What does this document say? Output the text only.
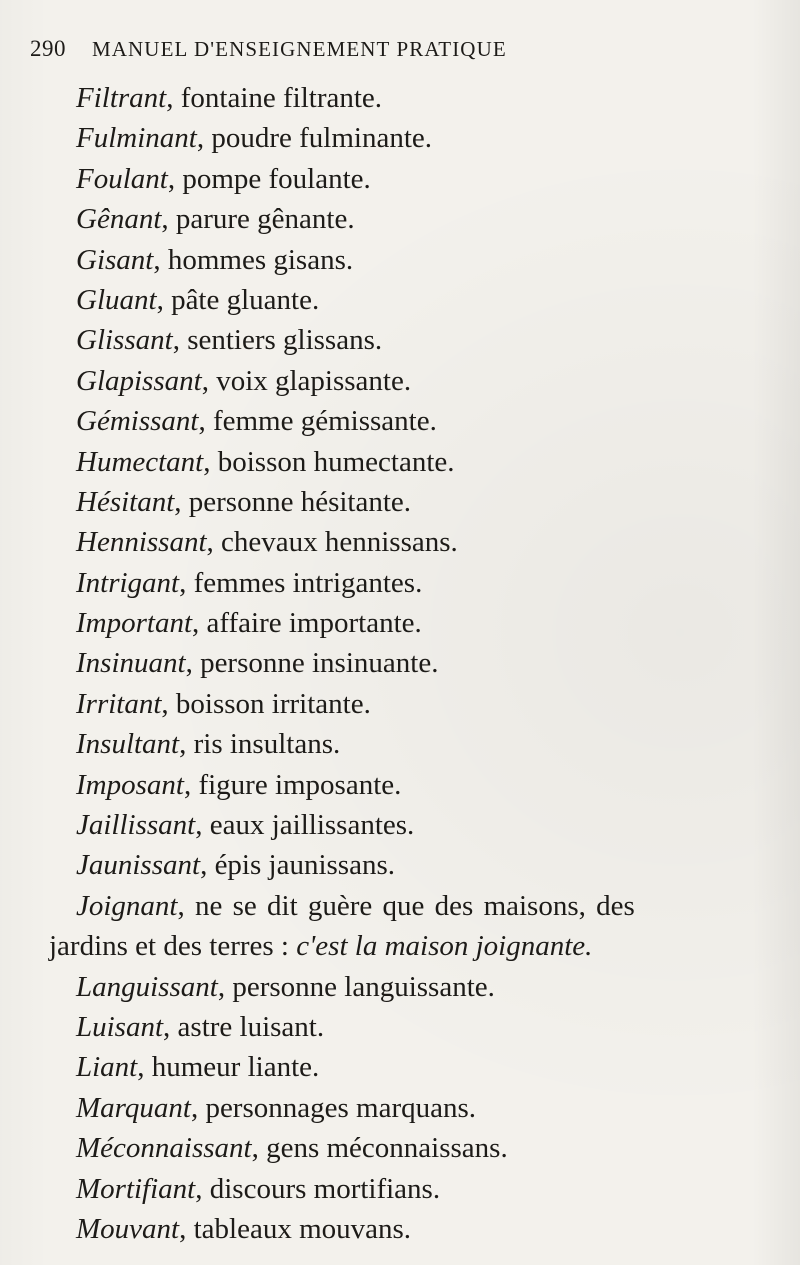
290 MANUEL D'ENSEIGNEMENT PRATIQUE
Filtrant, fontaine filtrante.
Fulminant, poudre fulminante.
Foulant, pompe foulante.
Gênant, parure gênante.
Gisant, hommes gisans.
Gluant, pâte gluante.
Glissant, sentiers glissans.
Glapissant, voix glapissante.
Gémissant, femme gémissante.
Humectant, boisson humectante.
Hésitant, personne hésitante.
Hennissant, chevaux hennissans.
Intrigant, femmes intrigantes.
Important, affaire importante.
Insinuant, personne insinuante.
Irritant, boisson irritante.
Insultant, ris insultans.
Imposant, figure imposante.
Jaillissant, eaux jaillissantes.
Jaunissant, épis jaunissans.
Joignant, ne se dit guère que des maisons, des
jardins et des terres : c'est la maison joignante.
Languissant, personne languissante.
Luisant, astre luisant.
Liant, humeur liante.
Marquant, personnages marquans.
Méconnaissant, gens méconnaissans.
Mortifiant, discours mortifians.
Mouvant, tableaux mouvans.
